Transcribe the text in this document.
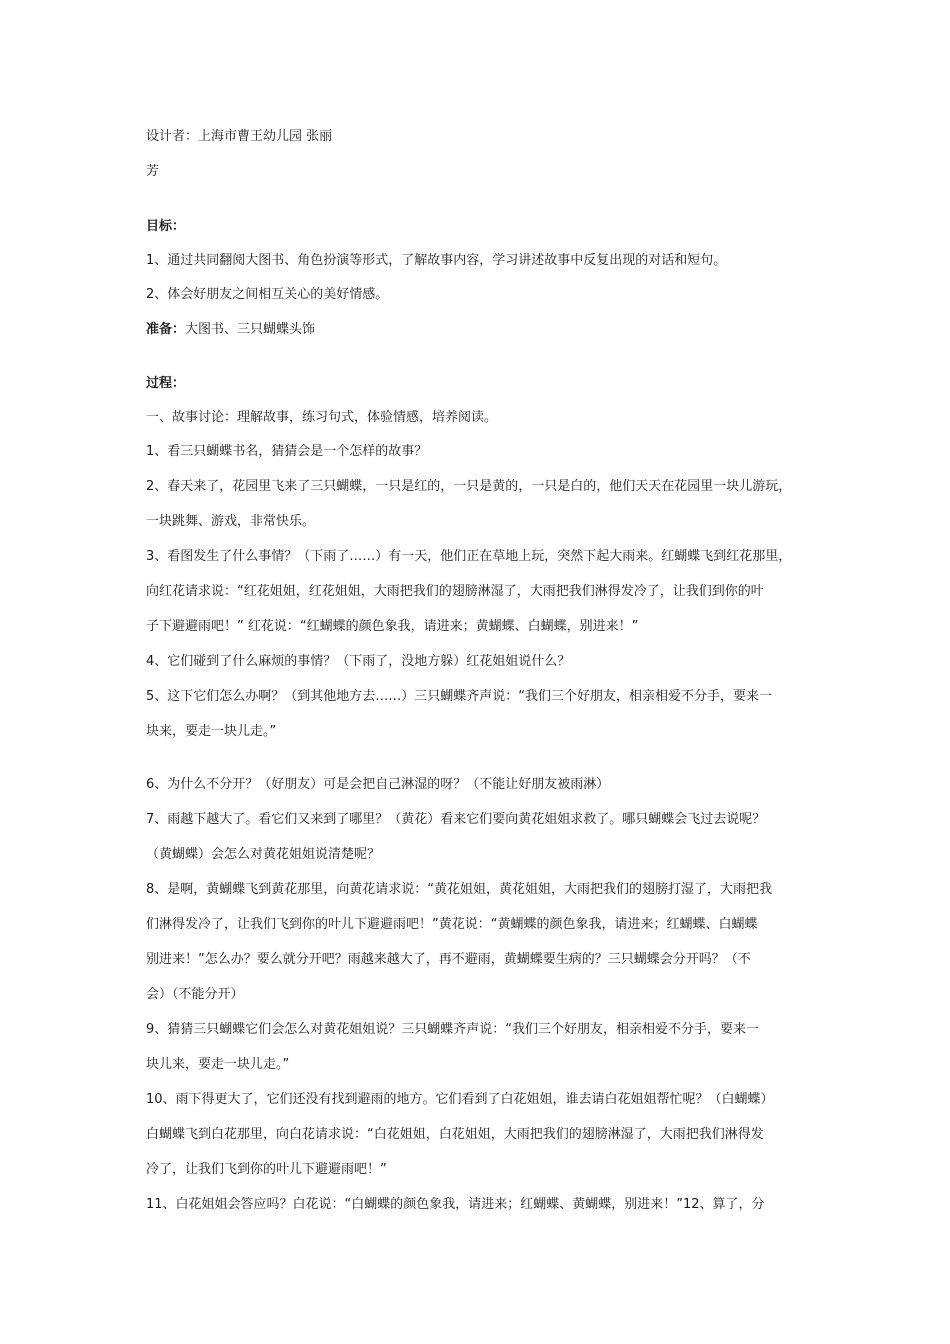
设计者：上海市曹王幼儿园 张丽

芳

目标：

1、通过共同翻阅大图书、角色扮演等形式，了解故事内容，学习讲述故事中反复出现的对话和短句。

2、体会好朋友之间相互关心的美好情感。

准备：大图书、三只蝴蝶头饰

过程：

一、故事讨论：理解故事，练习句式，体验情感，培养阅读。

1、看三只蝴蝶书名，猜猜会是一个怎样的故事？

2、春天来了，花园里飞来了三只蝴蝶，一只是红的，一只是黄的，一只是白的，他们天天在花园里一块儿游玩，

一块跳舞、游戏，非常快乐。

3、看图发生了什么事情？（下雨了……）有一天，他们正在草地上玩，突然下起大雨来。红蝴蝶飞到红花那里，

向红花请求说：“红花姐姐，红花姐姐，大雨把我们的翅膀淋湿了，大雨把我们淋得发冷了，让我们到你的叶

子下避避雨吧！” 红花说：“红蝴蝶的颜色象我，请进来；黄蝴蝶、白蝴蝶，别进来！”

4、它们碰到了什么麻烦的事情？（下雨了，没地方躲）红花姐姐说什么？

5、这下它们怎么办啊？（到其他地方去……）三只蝴蝶齐声说：“我们三个好朋友，相亲相爱不分手，要来一

块来，要走一块儿走。”

6、为什么不分开？（好朋友）可是会把自己淋湿的呀？（不能让好朋友被雨淋）

7、雨越下越大了。看它们又来到了哪里？（黄花）看来它们要向黄花姐姐求救了。哪只蝴蝶会飞过去说呢？

（黄蝴蝶）会怎么对黄花姐姐说清楚呢？

8、是啊，黄蝴蝶飞到黄花那里，向黄花请求说：“黄花姐姐，黄花姐姐，大雨把我们的翅膀打湿了，大雨把我

们淋得发冷了，让我们飞到你的叶儿下避避雨吧！”黄花说：“黄蝴蝶的颜色象我，请进来；红蝴蝶、白蝴蝶

别进来！”怎么办？要么就分开吧？雨越来越大了，再不避雨，黄蝴蝶要生病的？三只蝴蝶会分开吗？（不

会）（不能分开）

9、猜猜三只蝴蝶它们会怎么对黄花姐姐说？三只蝴蝶齐声说：“我们三个好朋友，相亲相爱不分手，要来一

块儿来，要走一块儿走。”

10、雨下得更大了，它们还没有找到避雨的地方。它们看到了白花姐姐，谁去请白花姐姐帮忙呢？（白蝴蝶）

白蝴蝶飞到白花那里，向白花请求说：“白花姐姐，白花姐姐，大雨把我们的翅膀淋湿了，大雨把我们淋得发

冷了，让我们飞到你的叶儿下避避雨吧！”

11、白花姐姐会答应吗？白花说：“白蝴蝶的颜色象我，请进来；红蝴蝶、黄蝴蝶，别进来！”12、算了，分
